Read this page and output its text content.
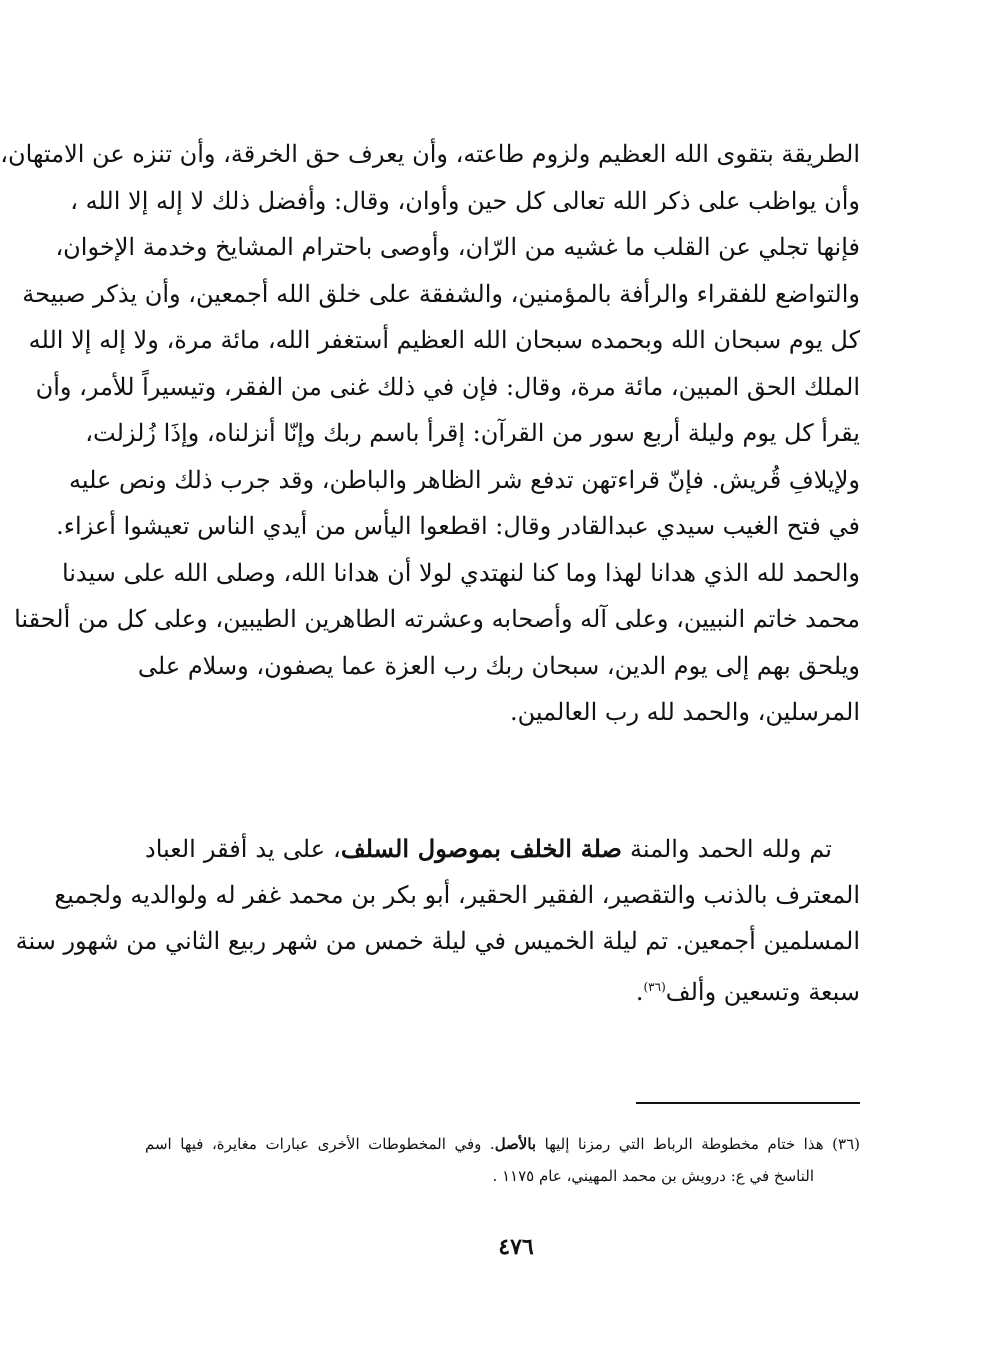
الطريقة بتقوى الله العظيم ولزوم طاعته، وأن يعرف حق الخرقة، وأن تنزه عن الامتهان،
وأن يواظب على ذكر الله تعالى كل حين وأوان، وقال: وأفضل ذلك لا إله إلا الله ،
فإنها تجلي عن القلب ما غشيه من الرّان، وأوصى باحترام المشايخ وخدمة الإخوان،
والتواضع للفقراء والرأفة بالمؤمنين، والشفقة على خلق الله أجمعين، وأن يذكر صبيحة
كل يوم سبحان الله وبحمده سبحان الله العظيم أستغفر الله، مائة مرة، ولا إله إلا الله
الملك الحق المبين، مائة مرة، وقال: فإن في ذلك غنى من الفقر، وتيسيراً للأمر، وأن
يقرأ كل يوم وليلة أربع سور من القرآن: إقرأ باسم ربك وإنّا أنزلناه، وإذَا زُلزلت،
ولإيلافِ قُريش. فإنّ قراءتهن تدفع شر الظاهر والباطن، وقد جرب ذلك ونص عليه
في فتح الغيب سيدي عبدالقادر وقال: اقطعوا اليأس من أيدي الناس تعيشوا أعزاء.
والحمد لله الذي هدانا لهذا وما كنا لنهتدي لولا أن هدانا الله، وصلى الله على سيدنا
محمد خاتم النبيين، وعلى آله وأصحابه وعشرته الطاهرين الطيبين، وعلى كل من ألحقنا
ويلحق بهم إلى يوم الدين، سبحان ربك رب العزة عما يصفون، وسلام على
المرسلين، والحمد لله رب العالمين.
تم ولله الحمد والمنة صلة الخلف بموصول السلف، على يد أفقر العباد
المعترف بالذنب والتقصير، الفقير الحقير، أبو بكر بن محمد غفر له ولوالديه ولجميع
المسلمين أجمعين. تم ليلة الخميس في ليلة خمس من شهر ربيع الثاني من شهور سنة
سبعة وتسعين وألف$^{(٣٦)}$.
(٣٦) هذا ختام مخطوطة الرباط التي رمزنا إليها بالأصل. وفي المخطوطات الأخرى عبارات مغايرة، فيها اسم
الناسخ في ع: درويش بن محمد المهيني، عام ١١٧٥ .
٤٧٦
